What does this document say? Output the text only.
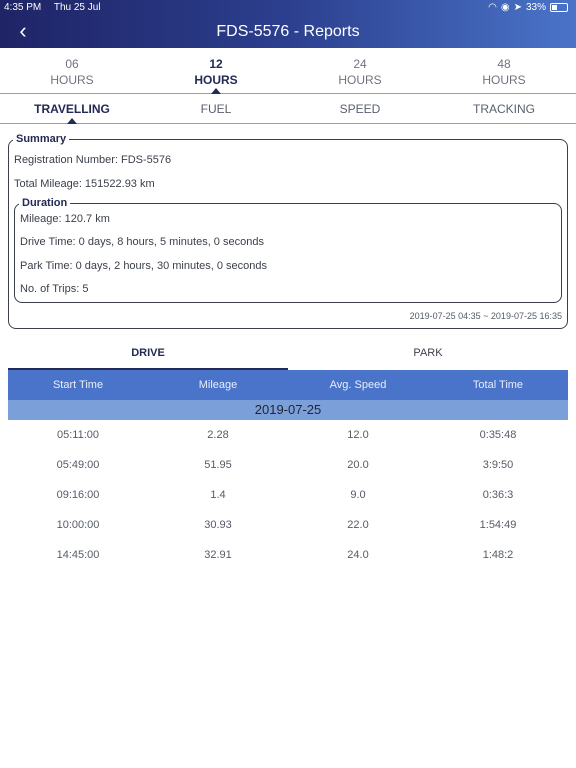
4:35 PM Thu 25 Jul	◠ ◉ ➤ 33%
‹	FDS-5576 - Reports
06
HOURS
12
HOURS
24
HOURS
48
HOURS
TRAVELLING	FUEL	SPEED	TRACKING
Summary
Registration Number: FDS-5576
Total Mileage: 151522.93 km
Duration
Mileage: 120.7 km
Drive Time: 0 days, 8 hours, 5 minutes, 0 seconds
Park Time: 0 days, 2 hours, 30 minutes, 0 seconds
No. of Trips: 5
2019-07-25 04:35 ~ 2019-07-25 16:35
DRIVE	PARK
Start Time	Mileage	Avg. Speed	Total Time
2019-07-25
05:11:00	2.28	12.0	0:35:48
05:49:00	51.95	20.0	3:9:50
09:16:00	1.4	9.0	0:36:3
10:00:00	30.93	22.0	1:54:49
14:45:00	32.91	24.0	1:48:2
